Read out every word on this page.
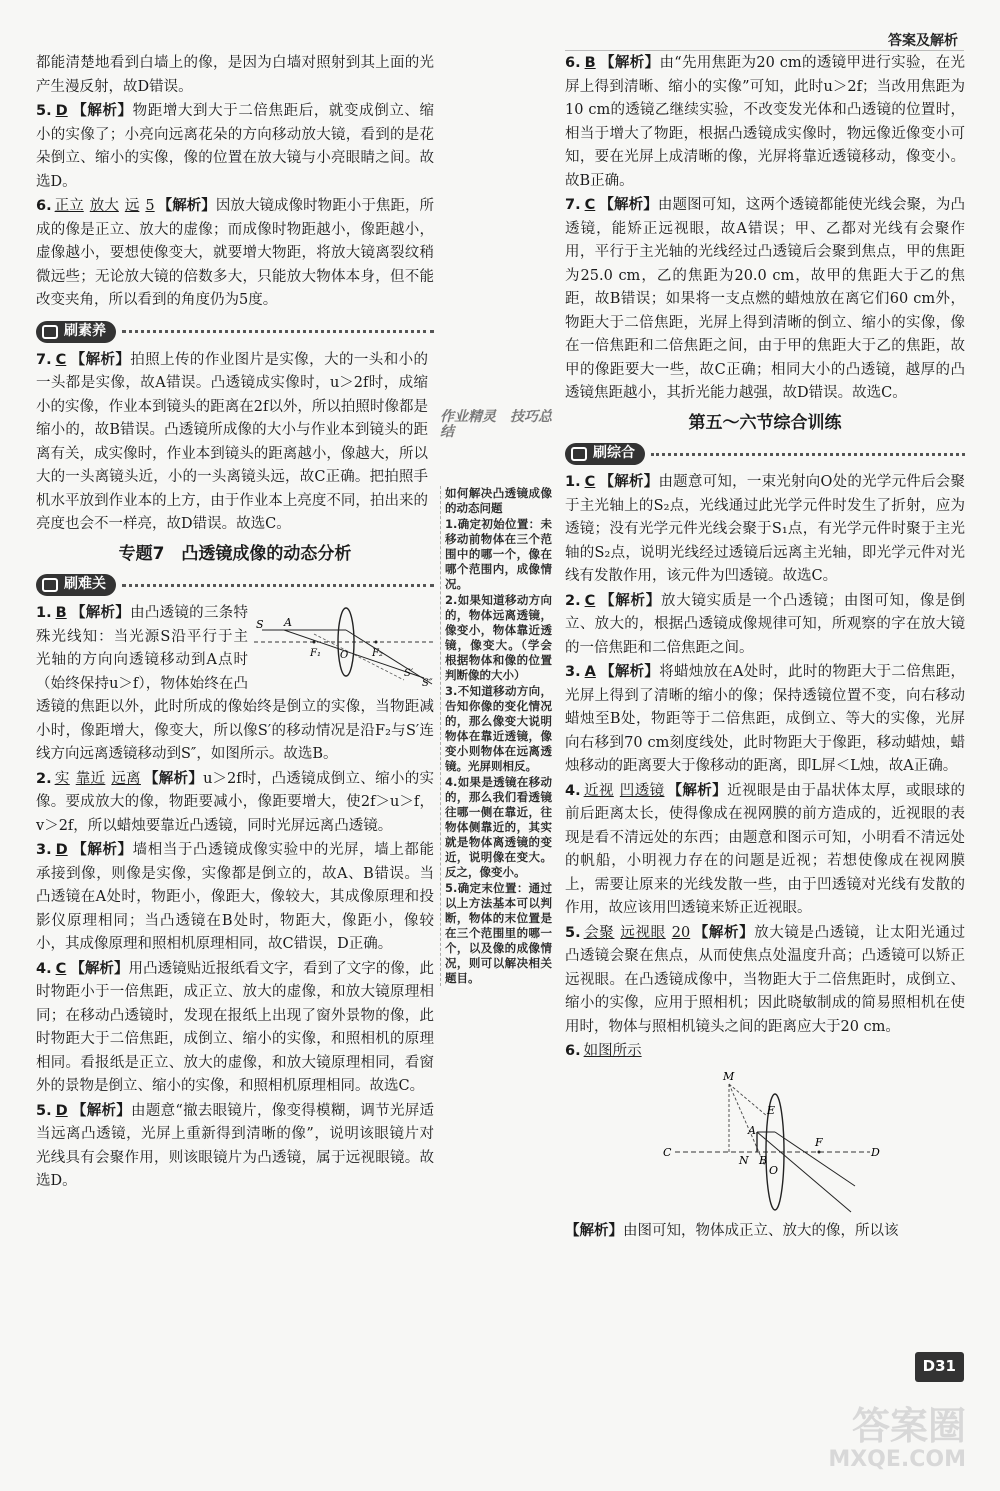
答案及解析

都能清楚地看到白墙上的像，是因为白墙对照射到其上面的光产生漫反射，故D错误。

5. D 【解析】物距增大到大于二倍焦距后，就变成倒立、缩小的实像了；小亮向远离花朵的方向移动放大镜，看到的是花朵倒立、缩小的实像，像的位置在放大镜与小亮眼睛之间。故选D。

6. 正立 放大 远 5 【解析】因放大镜成像时物距小于焦距，所成的像是正立、放大的虚像；而成像时物距越小，像距越小，虚像越小，要想使像变大，就要增大物距，将放大镜离裂纹稍微远些；无论放大镜的倍数多大，只能放大物体本身，但不能改变夹角，所以看到的角度仍为5度。

刷素养

7. C 【解析】拍照上传的作业图片是实像，大的一头和小的一头都是实像，故A错误。凸透镜成实像时，u＞2f时，成缩小的实像，作业本到镜头的距离在2f以外，所以拍照时像都是缩小的，故B错误。凸透镜所成像的大小与作业本到镜头的距离有关，成实像时，作业本到镜头的距离越小，像越大，所以大的一头离镜头近，小的一头离镜头远，故C正确。把拍照手机水平放到作业本的上方，由于作业本上亮度不同，拍出来的亮度也会不一样亮，故D错误。故选C。

专题7　凸透镜成像的动态分析
刷难关

S A
F₁ O F₂
S′
S″
1. B 【解析】由凸透镜的三条特殊光线知：当光源S沿平行于主光轴的方向向透镜移动到A点时（始终保持u＞f），物体始终在凸透镜的焦距以外，此时所成的像始终是倒立的实像，当物距减小时，像距增大，像变大，所以像S′的移动情况是沿F₂与S′连线方向远离透镜移动到S″，如图所示。故选B。

2. 实 靠近 远离 【解析】u＞2f时，凸透镜成倒立、缩小的实像。要成放大的像，物距要减小，像距要增大，使2f＞u＞f，v＞2f，所以蜡烛要靠近凸透镜，同时光屏远离凸透镜。

3. D 【解析】墙相当于凸透镜成像实验中的光屏，墙上都能承接到像，则像是实像，实像都是倒立的，故A、B错误。当凸透镜在A处时，物距小，像距大，像较大，其成像原理和投影仪原理相同；当凸透镜在B处时，物距大，像距小，像较小，其成像原理和照相机原理相同，故C错误，D正确。

4. C 【解析】用凸透镜贴近报纸看文字，看到了文字的像，此时物距小于一倍焦距，成正立、放大的虚像，和放大镜原理相同；在移动凸透镜时，发现在报纸上出现了窗外景物的像，此时物距大于二倍焦距，成倒立、缩小的实像，和照相机的原理相同。看报纸是正立、放大的虚像，和放大镜原理相同，看窗外的景物是倒立、缩小的实像，和照相机原理相同。故选C。

5. D 【解析】由题意“撤去眼镜片，像变得模糊，调节光屏适当远离凸透镜，光屏上重新得到清晰的像”，说明该眼镜片对光线具有会聚作用，则该眼镜片为凸透镜，属于远视眼镜。故选D。

作业精灵　技巧总结

如何解决凸透镜成像的动态问题

1.确定初始位置：未移动前物体在三个范围中的哪一个，像在哪个范围内，成像情况。

2.如果知道移动方向的，物体远离透镜，像变小，物体靠近透镜，像变大。（学会根据物体和像的位置判断像的大小）

3.不知道移动方向，告知你像的变化情况的，那么像变大说明物体在靠近透镜，像变小则物体在远离透镜。光屏则相反。

4.如果是透镜在移动的，那么我们看透镜往哪一侧在靠近，往物体侧靠近的，其实就是物体离透镜的变近，说明像在变大。反之，像变小。

5.确定末位置：通过以上方法基本可以判断，物体的末位置是在三个范围里的哪一个，以及像的成像情况，则可以解决相关题目。

6. B 【解析】由“先用焦距为20 cm的透镜甲进行实验，在光屏上得到清晰、缩小的实像”可知，此时u＞2f；当改用焦距为10 cm的透镜乙继续实验，不改变发光体和凸透镜的位置时，相当于增大了物距，根据凸透镜成实像时，物远像近像变小可知，要在光屏上成清晰的像，光屏将靠近透镜移动，像变小。故B正确。

7. C 【解析】由题图可知，这两个透镜都能使光线会聚，为凸透镜，能矫正远视眼，故A错误；甲、乙都对光线有会聚作用，平行于主光轴的光线经过凸透镜后会聚到焦点，甲的焦距为25.0 cm，乙的焦距为20.0 cm，故甲的焦距大于乙的焦距，故B错误；如果将一支点燃的蜡烛放在离它们60 cm外，物距大于二倍焦距，光屏上得到清晰的倒立、缩小的实像，像在一倍焦距和二倍焦距之间，由于甲的焦距大于乙的焦距，故甲的像距要大一些，故C正确；相同大小的凸透镜，越厚的凸透镜焦距越小，其折光能力越强，故D错误。故选C。

第五～六节综合训练
刷综合

1. C 【解析】由题意可知，一束光射向O处的光学元件后会聚于主光轴上的S₂点，光线通过此光学元件时发生了折射，应为透镜；没有光学元件光线会聚于S₁点，有光学元件时聚于主光轴的S₂点，说明光线经过透镜后远离主光轴，即光学元件对光线有发散作用，该元件为凹透镜。故选C。

2. C 【解析】放大镜实质是一个凸透镜；由图可知，像是倒立、放大的，根据凸透镜成像规律可知，所观察的字在放大镜的一倍焦距和二倍焦距之间。

3. A 【解析】将蜡烛放在A处时，此时的物距大于二倍焦距，光屏上得到了清晰的缩小的像；保持透镜位置不变，向右移动蜡烛至B处，物距等于二倍焦距，成倒立、等大的实像，光屏向右移到70 cm刻度线处，此时物距大于像距，移动蜡烛，蜡烛移动的距离要大于像移动的距离，即L屏＜L烛，故A正确。

4. 近视 凹透镜 【解析】近视眼是由于晶状体太厚，或眼球的前后距离太长，使得像成在视网膜的前方造成的，近视眼的表现是看不清远处的东西；由题意和图示可知，小明看不清远处的帆船，小明视力存在的问题是近视；若想使像成在视网膜上，需要让原来的光线发散一些，由于凹透镜对光线有发散的作用，故应该用凹透镜来矫正近视眼。

5. 会聚 远视眼 20 【解析】放大镜是凸透镜，让太阳光通过凸透镜会聚在焦点，从而使焦点处温度升高；凸透镜可以矫正远视眼。在凸透镜成像中，当物距大于二倍焦距时，成倒立、缩小的实像，应用于照相机；因此晓敏制成的简易照相机在使用时，物体与照相机镜头之间的距离应大于20 cm。

6. 如图所示

M
E
A
B
N
O
F
C	D

【解析】由图可知，物体成正立、放大的像，所以该

D31
答案圈
MXQE.COM
